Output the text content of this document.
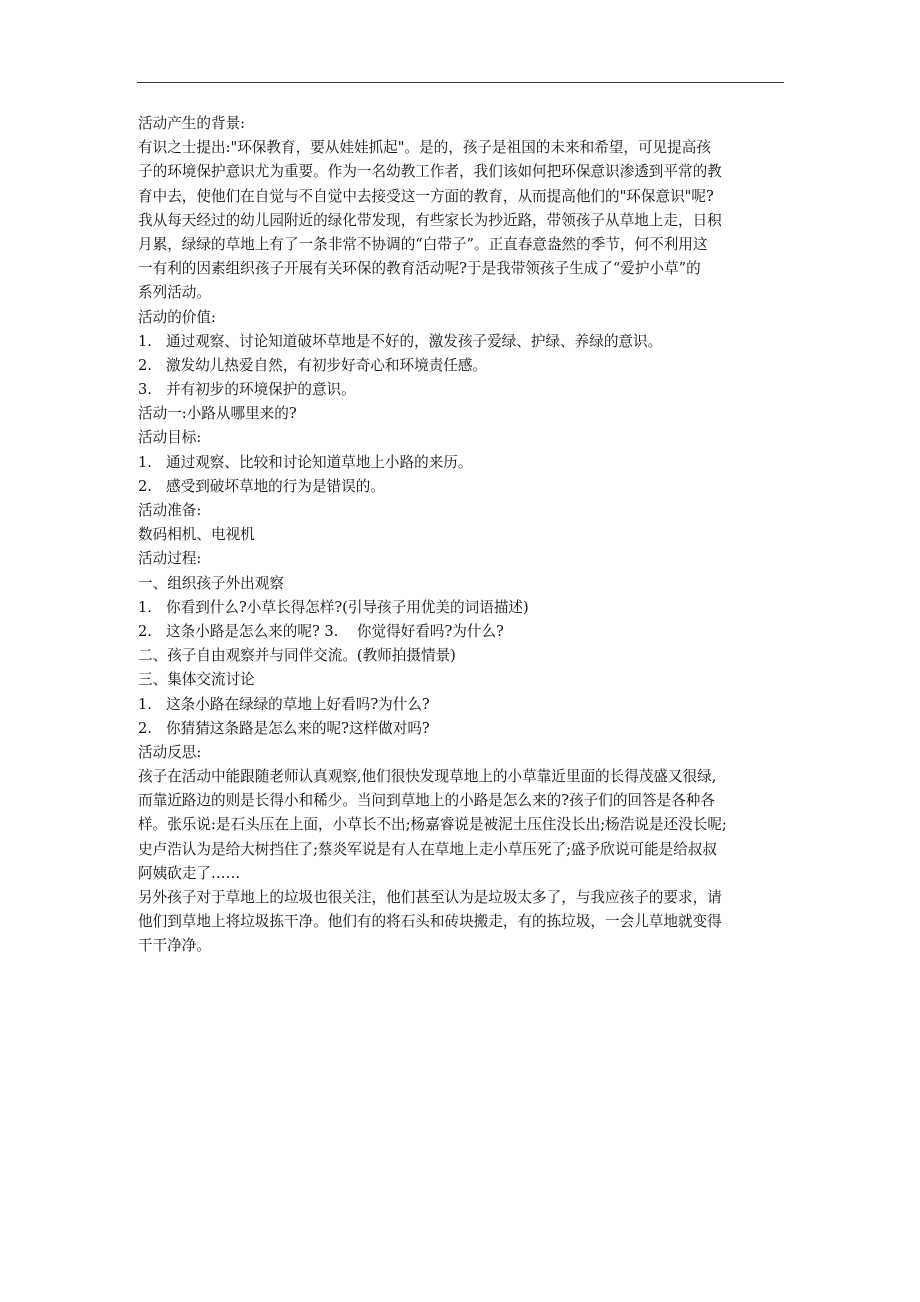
活动产生的背景:
有识之士提出:"环保教育，要从娃娃抓起"。是的，孩子是祖国的未来和希望，可见提高孩
子的环境保护意识尤为重要。作为一名幼教工作者，我们该如何把环保意识渗透到平常的教
育中去，使他们在自觉与不自觉中去接受这一方面的教育，从而提高他们的"环保意识"呢?
我从每天经过的幼儿园附近的绿化带发现，有些家长为抄近路，带领孩子从草地上走，日积
月累，绿绿的草地上有了一条非常不协调的“白带子”。正直春意盎然的季节，何不利用这
一有利的因素组织孩子开展有关环保的教育活动呢?于是我带领孩子生成了“爱护小草”的
系列活动。
活动的价值:
1. 通过观察、讨论知道破坏草地是不好的，激发孩子爱绿、护绿、养绿的意识。
2. 激发幼儿热爱自然，有初步好奇心和环境责任感。
3. 并有初步的环境保护的意识。
活动一:小路从哪里来的?
活动目标:
1. 通过观察、比较和讨论知道草地上小路的来历。
2. 感受到破坏草地的行为是错误的。
活动准备:
数码相机、电视机
活动过程:
一、组织孩子外出观察
1. 你看到什么?小草长得怎样?(引导孩子用优美的词语描述)
2. 这条小路是怎么来的呢? 3.    你觉得好看吗?为什么?
二、孩子自由观察并与同伴交流。(教师拍摄情景)
三、集体交流讨论
1. 这条小路在绿绿的草地上好看吗?为什么?
2. 你猜猜这条路是怎么来的呢?这样做对吗?
活动反思:
孩子在活动中能跟随老师认真观察,他们很快发现草地上的小草靠近里面的长得茂盛又很绿,
而靠近路边的则是长得小和稀少。当问到草地上的小路是怎么来的?孩子们的回答是各种各
样。张乐说:是石头压在上面，小草长不出;杨嘉睿说是被泥土压住没长出;杨浩说是还没长呢;
史卢浩认为是给大树挡住了;蔡炎军说是有人在草地上走小草压死了;盛予欣说可能是给叔叔
阿姨砍走了……
另外孩子对于草地上的垃圾也很关注，他们甚至认为是垃圾太多了，与我应孩子的要求，请
他们到草地上将垃圾拣干净。他们有的将石头和砖块搬走，有的拣垃圾，一会儿草地就变得
干干净净。
